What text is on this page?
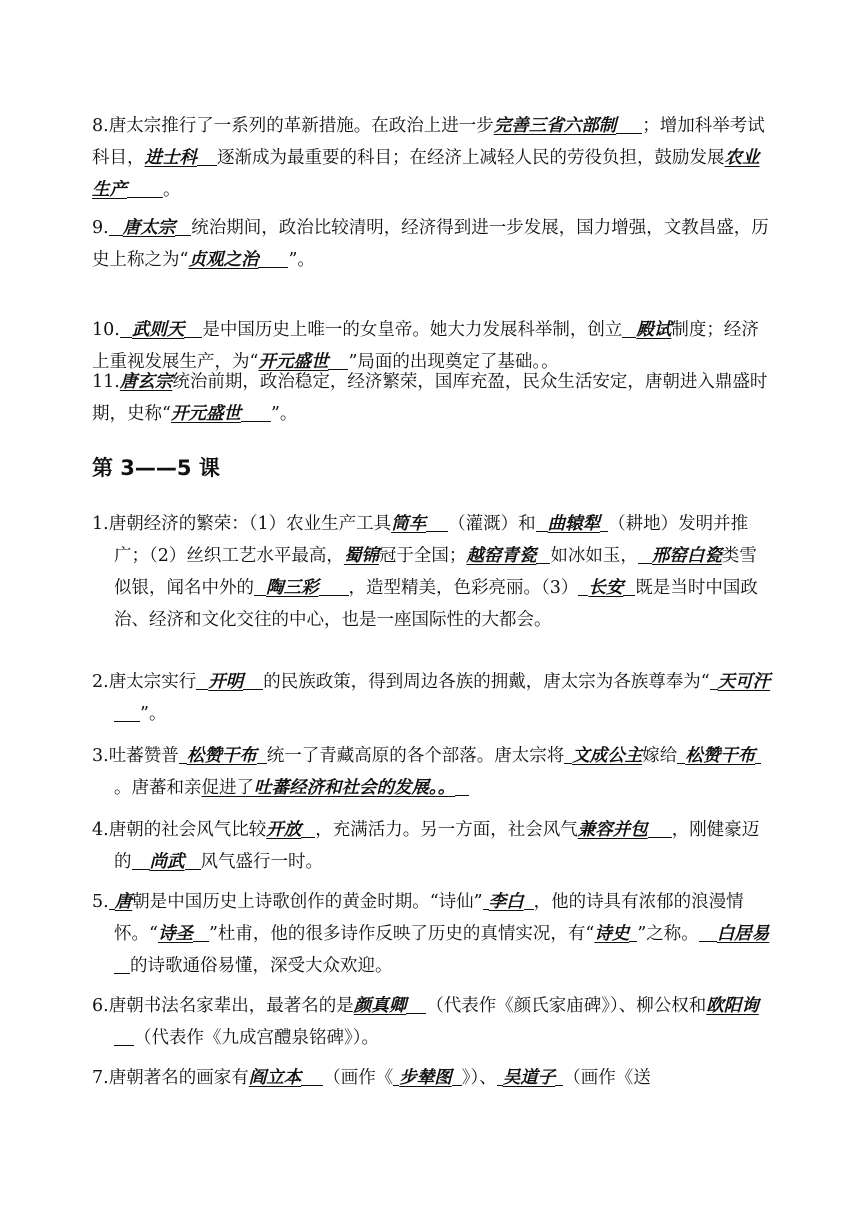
8.唐太宗推行了一系列的革新措施。在政治上进一步完善三省六部制 ；增加科举考试科目，进士科 逐渐成为最重要的科目；在经济上减轻人民的劳役负担，鼓励发展农业生产 。

9. 唐太宗 统治期间，政治比较清明，经济得到进一步发展，国力增强，文教昌盛，历史上称之为“贞观之治 ”。

10. 武则天 是中国历史上唯一的女皇帝。她大力发展科举制，创立 殿试制度；经济上重视发展生产，为“开元盛世 ”局面的出现奠定了基础。。

11.唐玄宗统治前期，政治稳定，经济繁荣，国库充盈，民众生活安定，唐朝进入鼎盛时期，史称“开元盛世 ”。

第 3——5 课

1.唐朝经济的繁荣：（1）农业生产工具筒车 （灌溉）和 曲辕犁 （耕地）发明并推广；（2）丝织工艺水平最高，蜀锦冠于全国；越窑青瓷 如冰如玉， 邢窑白瓷类雪似银，闻名中外的 陶三彩 ，造型精美，色彩亮丽。（3） 长安 既是当时中国政治、经济和文化交往的中心，也是一座国际性的大都会。

2.唐太宗实行 开明 的民族政策，得到周边各族的拥戴，唐太宗为各族尊奉为“ 天可汗”。

3.吐蕃赞普 松赞干布 统一了青藏高原的各个部落。唐太宗将 文成公主嫁给 松赞干布。唐蕃和亲促进了吐蕃经济和社会的发展。。

4.唐朝的社会风气比较开放 ，充满活力。另一方面，社会风气兼容并包 ，刚健豪迈的 尚武 风气盛行一时。

5. 唐朝是中国历史上诗歌创作的黄金时期。“诗仙” 李白 ，他的诗具有浓郁的浪漫情怀。“诗圣 ”杜甫，他的很多诗作反映了历史的真情实况，有“诗史 ”之称。 白居易的诗歌通俗易懂，深受大众欢迎。

6.唐朝书法名家辈出，最著名的是颜真卿 （代表作《颜氏家庙碑》）、柳公权和欧阳询（代表作《九成宫醴泉铭碑》）。

7.唐朝著名的画家有阎立本 （画作《 步辇图 》）、 吴道子 （画作《送
